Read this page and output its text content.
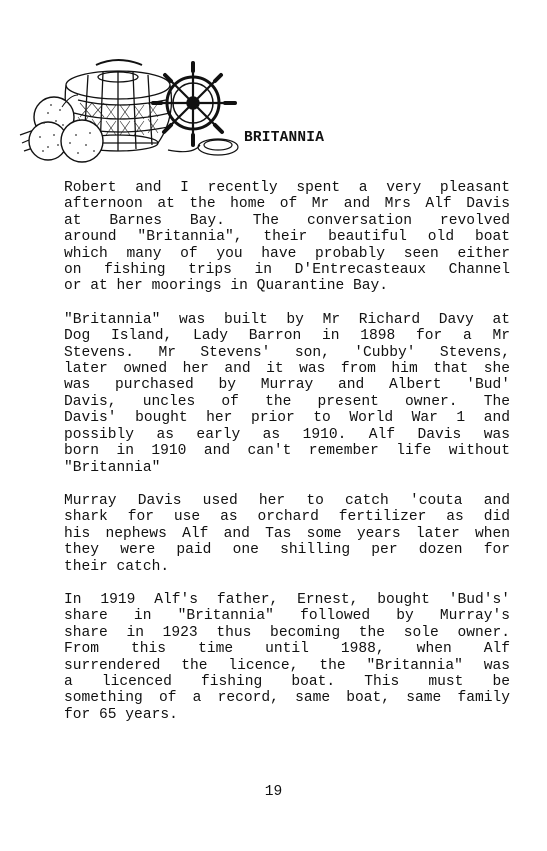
BRITANNIA

Robert and I recently spent a very pleasant
afternoon at the home of Mr and Mrs Alf Davis
at Barnes Bay. The conversation revolved
around "Britannia", their beautiful old boat
which many of you have probably seen either
on fishing trips in D'Entrecasteaux Channel
or at her moorings in Quarantine Bay.

"Britannia" was built by Mr Richard Davy at
Dog Island, Lady Barron in 1898 for a Mr
Stevens. Mr Stevens' son, 'Cubby' Stevens,
later owned her and it was from him that she
was purchased by Murray and Albert 'Bud'
Davis, uncles of the present owner. The
Davis' bought her prior to World War 1 and
possibly as early as 1910. Alf Davis was
born in 1910 and can't remember life without
"Britannia"

Murray Davis used her to catch 'couta and
shark for use as orchard fertilizer as did
his nephews Alf and Tas some years later when
they were paid one shilling per dozen for
their catch.

In 1919 Alf's father, Ernest, bought 'Bud's'
share in "Britannia" followed by Murray's
share in 1923 thus becoming the sole owner.
From this time until 1988, when Alf
surrendered the licence, the "Britannia" was
a licenced fishing boat. This must be
something of a record, same boat, same family
for 65 years.

19
